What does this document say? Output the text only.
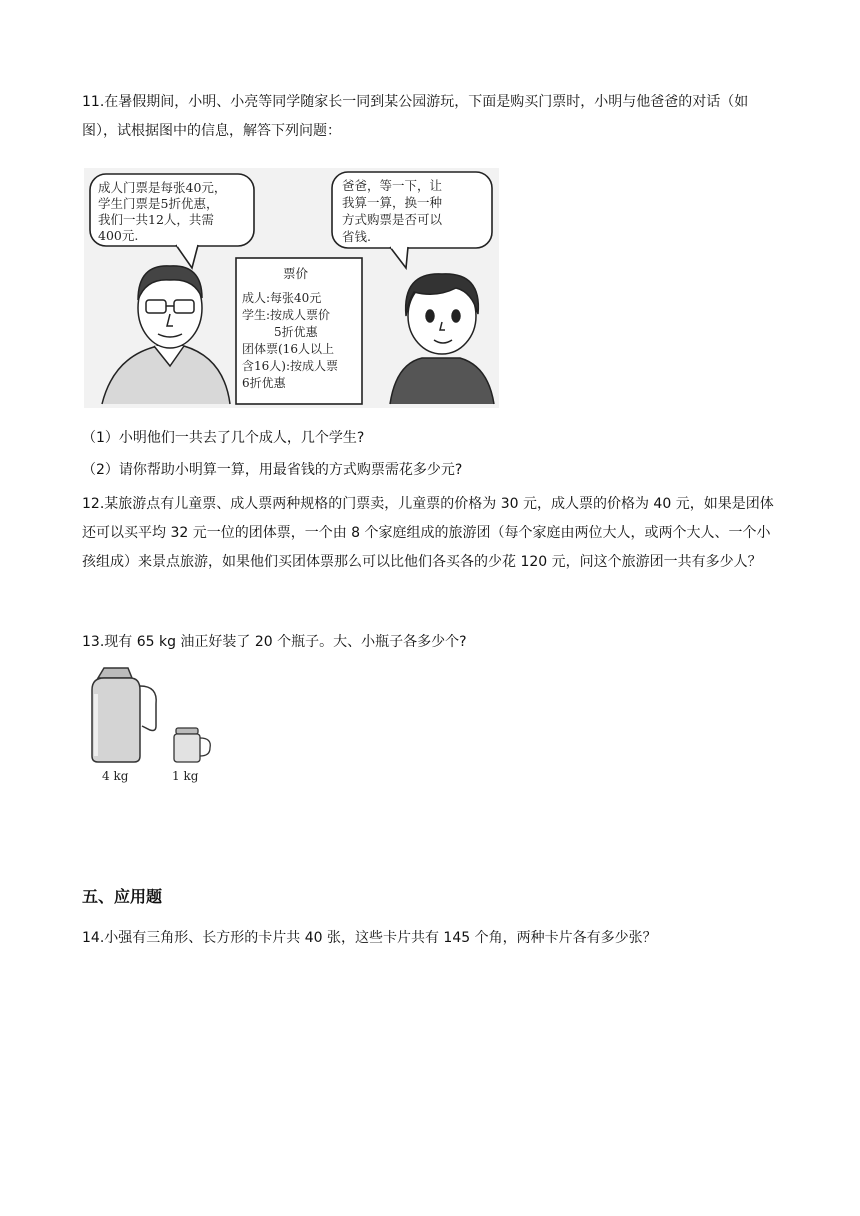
11.在暑假期间，小明、小亮等同学随家长一同到某公园游玩，下面是购买门票时，小明与他爸爸的对话（如图），试根据图中的信息，解答下列问题：

成人门票是每张40元，
学生门票是5折优惠，
我们一共12人，共需
400元.
爸爸，等一下，让
我算一算，换一种
方式购票是否可以
省钱.
票价
成人:每张40元
学生:按成人票价
5折优惠
团体票(16人以上
含16人):按成人票
6折优惠

（1）小明他们一共去了几个成人，几个学生?

（2）请你帮助小明算一算，用最省钱的方式购票需花多少元?

12.某旅游点有儿童票、成人票两种规格的门票卖，儿童票的价格为 30 元，成人票的价格为 40 元，如果是团体还可以买平均 32 元一位的团体票，一个由 8 个家庭组成的旅游团（每个家庭由两位大人，或两个大人、一个小孩组成）来景点旅游，如果他们买团体票那么可以比他们各买各的少花 120 元，问这个旅游团一共有多少人？

13.现有 65 kg 油正好装了 20 个瓶子。大、小瓶子各多少个?

4 kg	1 kg
五、应用题

14.小强有三角形、长方形的卡片共 40 张，这些卡片共有 145 个角，两种卡片各有多少张？
